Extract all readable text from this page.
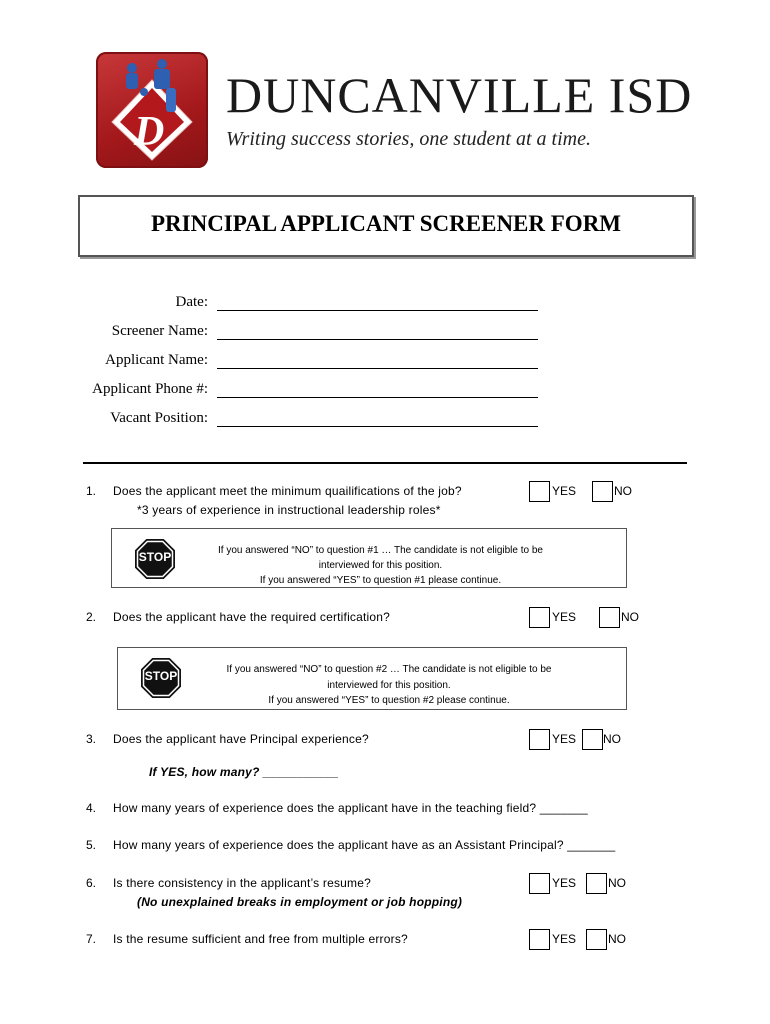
D
DUNCANVILLE ISD
Writing success stories, one student at a time.
PRINCIPAL APPLICANT SCREENER FORM
Date:
Screener Name:
Applicant Name:
Applicant Phone #:
Vacant Position:
1. Does the applicant meet the minimum quailifications of the job?
*3 years of experience in instructional leadership roles*
YES	NO
STOP	If you answered “NO” to question #1 … The candidate is not eligible to be
interviewed for this position.
If you answered “YES” to question #1 please continue.
2. Does the applicant have the required certification?	YES	NO
STOP	If you answered “NO” to question #2 … The candidate is not eligible to be
interviewed for this position.
If you answered “YES” to question #2 please continue.
3. Does the applicant have Principal experience?
If YES, how many? ___________
YES NO
4. How many years of experience does the applicant have in the teaching field? _______
5. How many years of experience does the applicant have as an Assistant Principal? _______
6. Is there consistency in the applicant’s resume?
(No unexplained breaks in employment or job hopping)
YES	NO
7. Is the resume sufficient and free from multiple errors?	YES	NO
